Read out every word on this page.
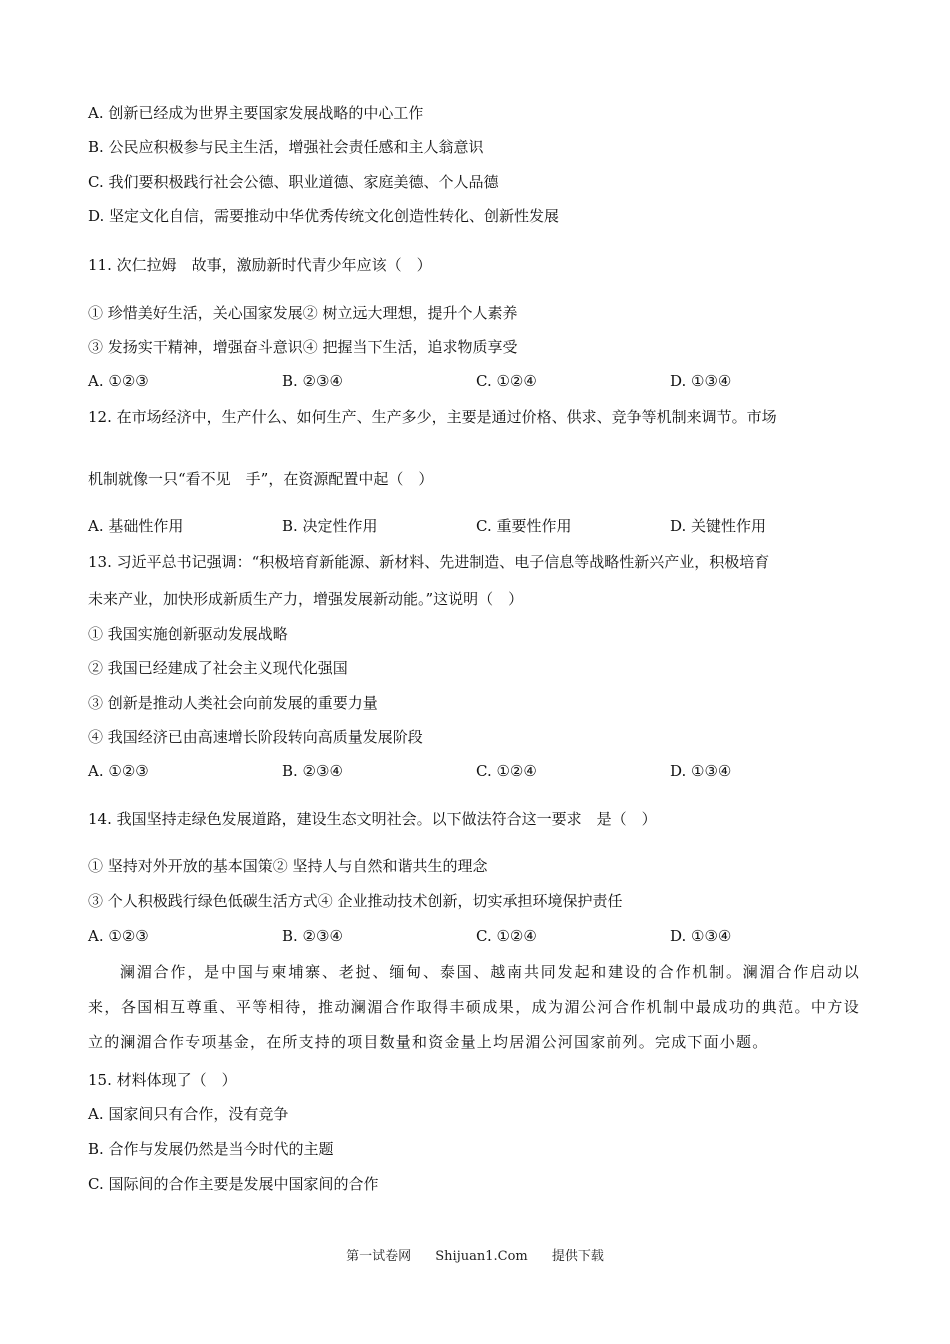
A. 创新已经成为世界主要国家发展战略的中心工作
B. 公民应积极参与民主生活，增强社会责任感和主人翁意识
C. 我们要积极践行社会公德、职业道德、家庭美德、个人品德
D. 坚定文化自信，需要推动中华优秀传统文化创造性转化、创新性发展
11. 次仁拉姆　故事，激励新时代青少年应该（　）
① 珍惜美好生活，关心国家发展② 树立远大理想，提升个人素养
③ 发扬实干精神，增强奋斗意识④ 把握当下生活，追求物质享受
A. ①②③	B. ②③④	C. ①②④	D. ①③④
12. 在市场经济中，生产什么、如何生产、生产多少，主要是通过价格、供求、竞争等机制来调节。市场
机制就像一只“看不见　手”，在资源配置中起（　）
A. 基础性作用	B. 决定性作用	C. 重要性作用	D. 关键性作用
13. 习近平总书记强调：“积极培育新能源、新材料、先进制造、电子信息等战略性新兴产业，积极培育
未来产业，加快形成新质生产力，增强发展新动能。”这说明（　）
① 我国实施创新驱动发展战略
② 我国已经建成了社会主义现代化强国
③ 创新是推动人类社会向前发展的重要力量
④ 我国经济已由高速增长阶段转向高质量发展阶段
A. ①②③	B. ②③④	C. ①②④	D. ①③④
14. 我国坚持走绿色发展道路，建设生态文明社会。以下做法符合这一要求　是（　）
① 坚持对外开放的基本国策② 坚持人与自然和谐共生的理念
③ 个人积极践行绿色低碳生活方式④ 企业推动技术创新，切实承担环境保护责任
A. ①②③	B. ②③④	C. ①②④	D. ①③④

澜湄合作，是中国与柬埔寨、老挝、缅甸、泰国、越南共同发起和建设的合作机制。澜湄合作启动以来，各国相互尊重、平等相待，推动澜湄合作取得丰硕成果，成为湄公河合作机制中最成功的典范。中方设立的澜湄合作专项基金，在所支持的项目数量和资金量上均居湄公河国家前列。完成下面小题。

15. 材料体现了（　）
A. 国家间只有合作，没有竞争
B. 合作与发展仍然是当今时代的主题
C. 国际间的合作主要是发展中国家间的合作
第一试卷网 Shijuan1.Com 提供下载
